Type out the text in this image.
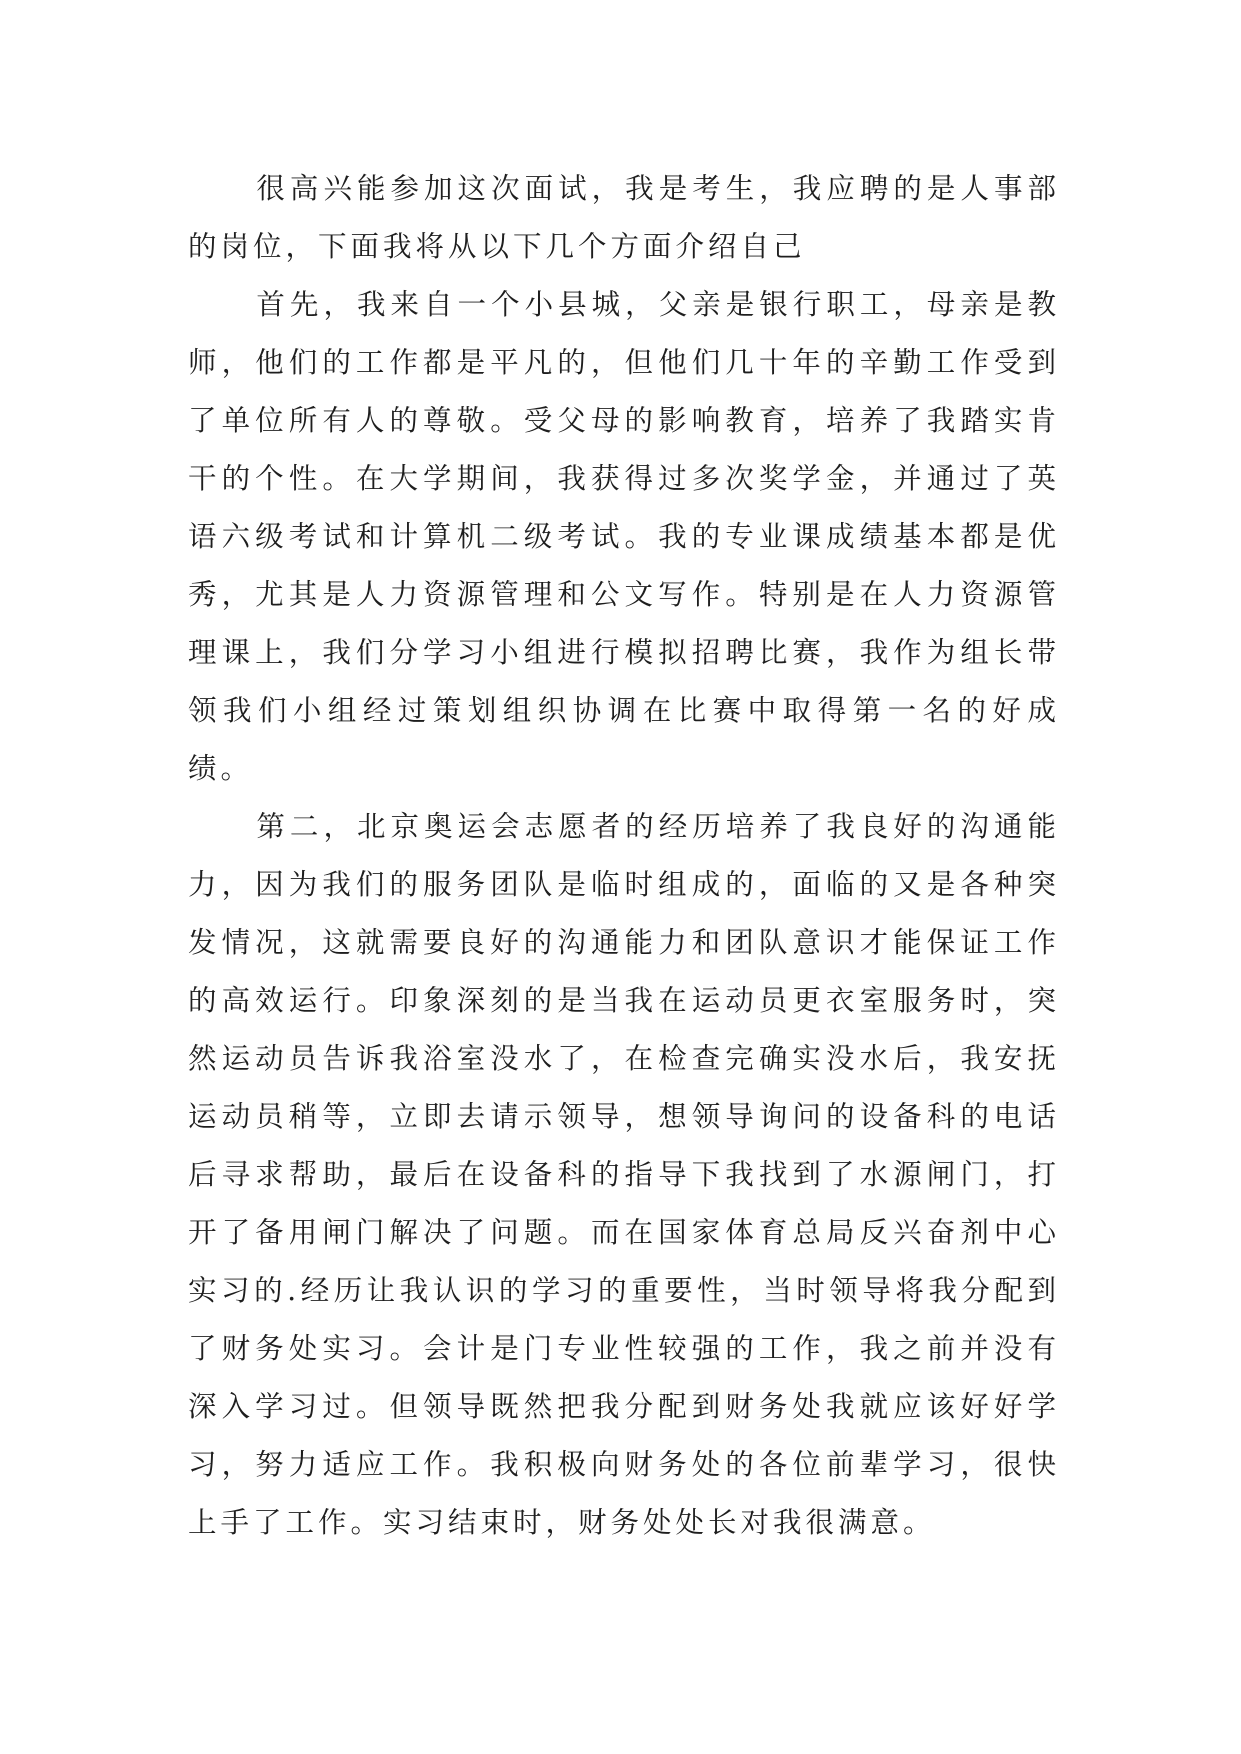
很高兴能参加这次面试，我是考生，我应聘的是人事部的岗位，下面我将从以下几个方面介绍自己

首先，我来自一个小县城，父亲是银行职工，母亲是教师，他们的工作都是平凡的，但他们几十年的辛勤工作受到了单位所有人的尊敬。受父母的影响教育，培养了我踏实肯干的个性。在大学期间，我获得过多次奖学金，并通过了英语六级考试和计算机二级考试。我的专业课成绩基本都是优秀，尤其是人力资源管理和公文写作。特别是在人力资源管理课上，我们分学习小组进行模拟招聘比赛，我作为组长带领我们小组经过策划组织协调在比赛中取得第一名的好成绩。

第二，北京奥运会志愿者的经历培养了我良好的沟通能力，因为我们的服务团队是临时组成的，面临的又是各种突发情况，这就需要良好的沟通能力和团队意识才能保证工作的高效运行。印象深刻的是当我在运动员更衣室服务时，突然运动员告诉我浴室没水了，在检查完确实没水后，我安抚运动员稍等，立即去请示领导，想领导询问的设备科的电话后寻求帮助，最后在设备科的指导下我找到了水源闸门，打开了备用闸门解决了问题。而在国家体育总局反兴奋剂中心实习的.经历让我认识的学习的重要性，当时领导将我分配到了财务处实习。会计是门专业性较强的工作，我之前并没有深入学习过。但领导既然把我分配到财务处我就应该好好学习，努力适应工作。我积极向财务处的各位前辈学习，很快上手了工作。实习结束时，财务处处长对我很满意。
